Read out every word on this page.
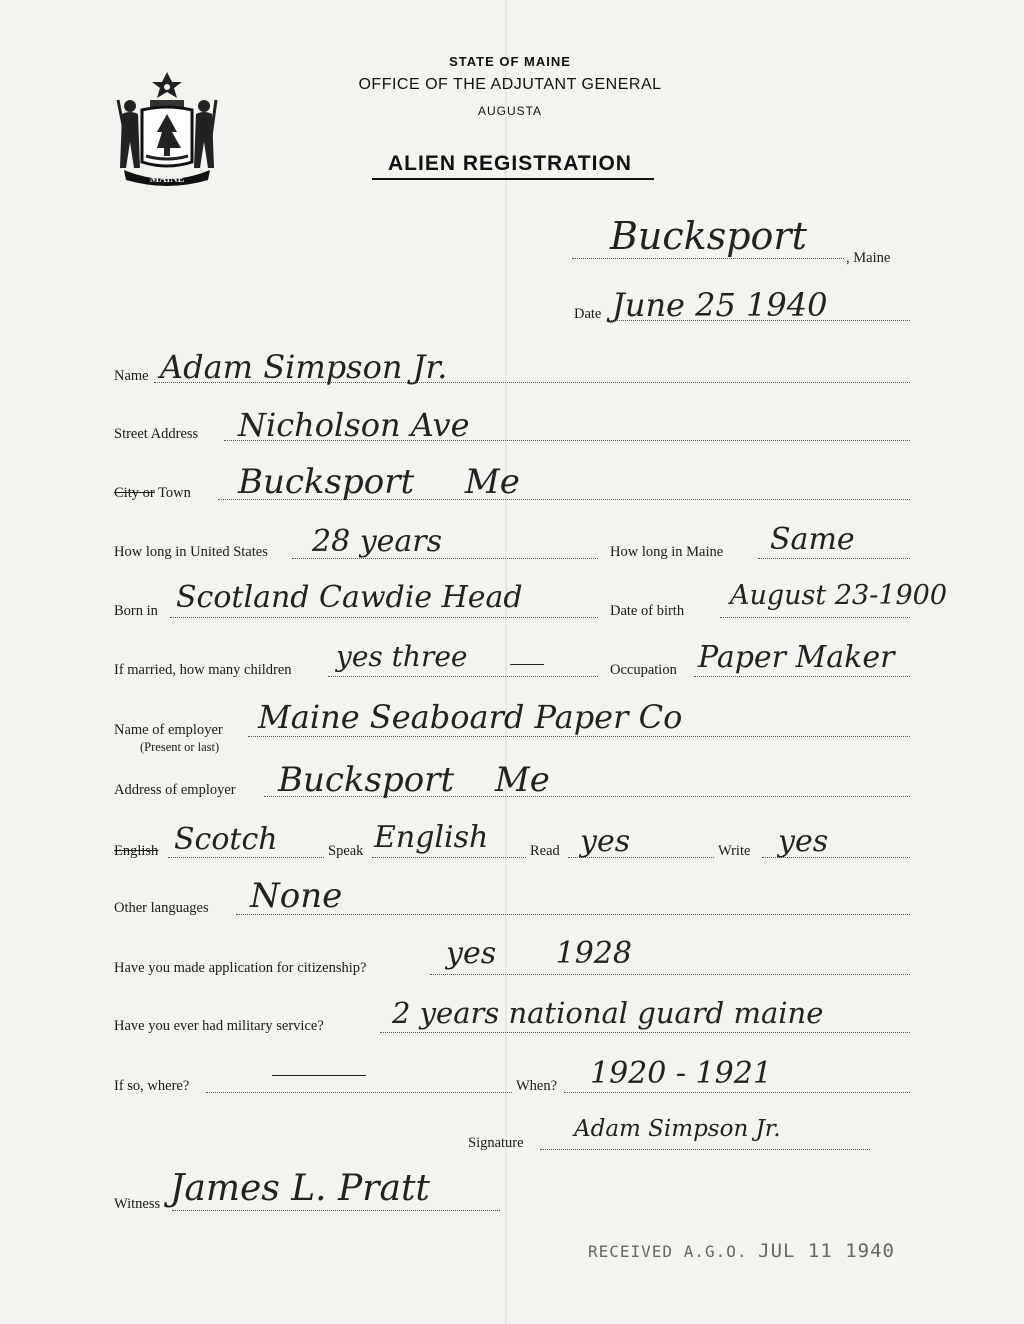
MAINE
STATE OF MAINE
OFFICE OF THE ADJUTANT GENERAL
AUGUSTA
ALIEN REGISTRATION
Bucksport	, Maine
Date June 25 1940
Name Adam Simpson Jr.
Street Address Nicholson Ave
City or Town Bucksport Me
How long in United States 28 years	How long in Maine Same
Born in Scotland Cawdie Head	Date of birth August 23-1900
If married, how many children yes three	Occupation Paper Maker
Name of employer
(Present or last)
Maine Seaboard Paper Co
Address of employer Bucksport Me
English Scotch	Speak English	Read yes	Write yes
Other languages None
Have you made application for citizenship?	yes 1928
Have you ever had military service? 2 years national guard maine
If so, where?	When? 1920 - 1921
Signature
Adam Simpson Jr.
Witness James L. Pratt
RECEIVED A.G.O. JUL 11 1940
